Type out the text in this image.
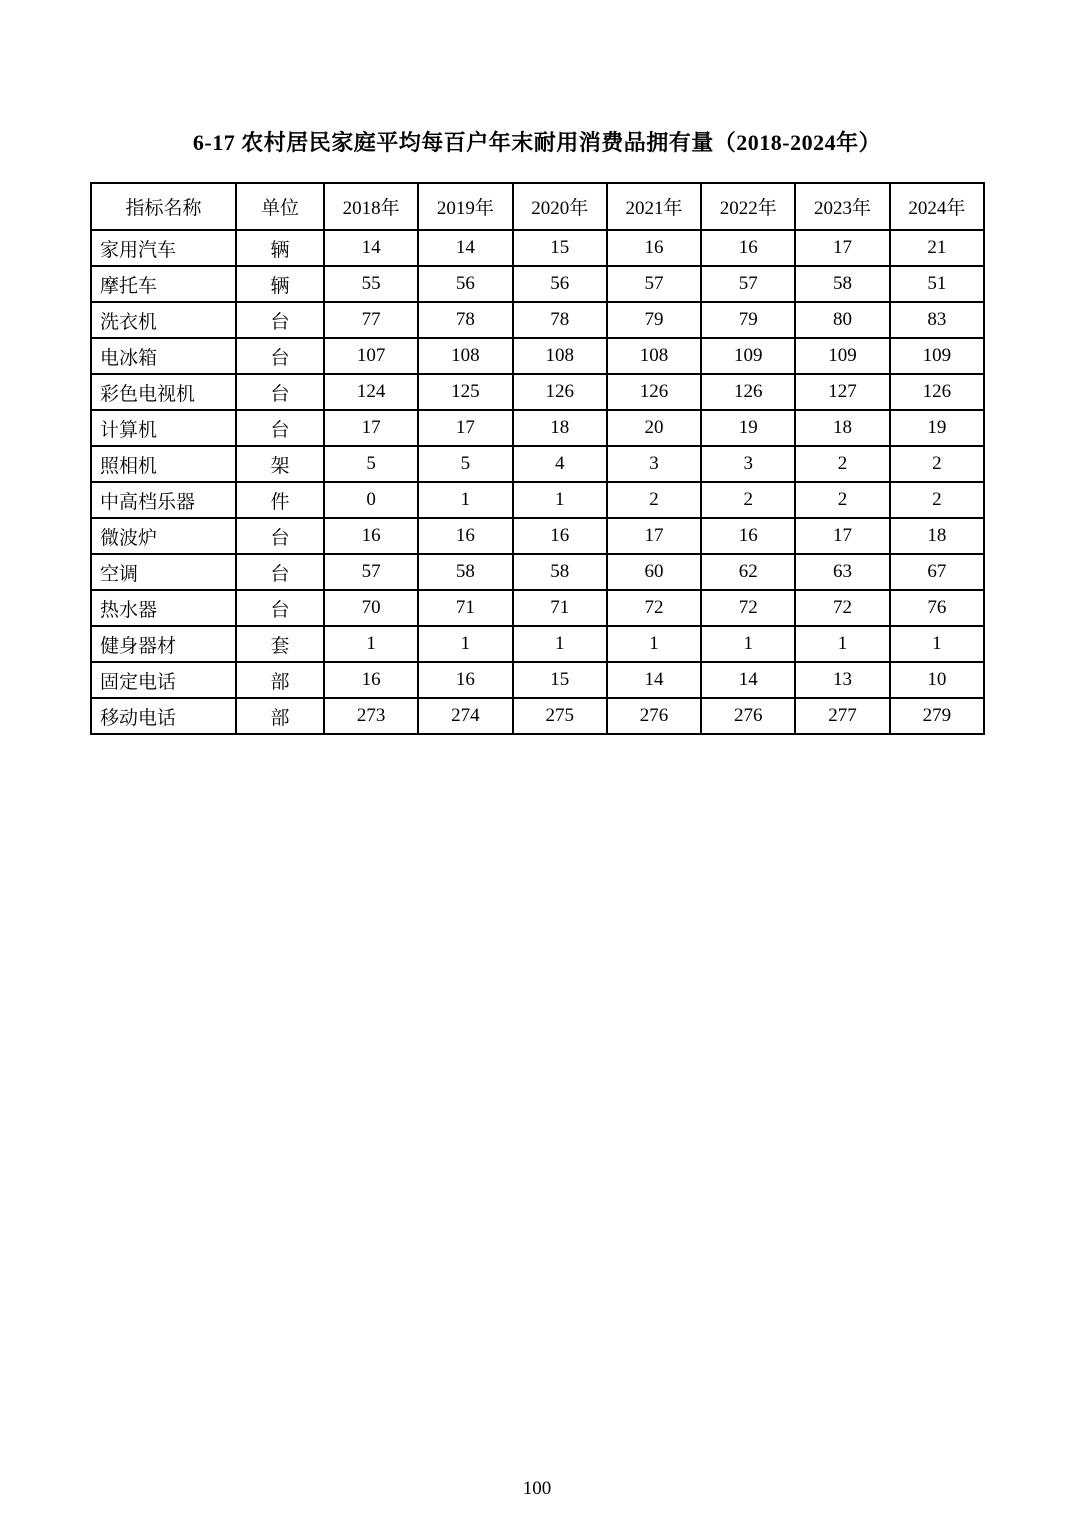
6-17 农村居民家庭平均每百户年末耐用消费品拥有量（2018-2024年）
指标名称	单位	2018年	2019年	2020年	2021年	2022年	2023年	2024年
家用汽车	辆	14	14	15	16	16	17	21
摩托车	辆	55	56	56	57	57	58	51
洗衣机	台	77	78	78	79	79	80	83
电冰箱	台	107	108	108	108	109	109	109
彩色电视机	台	124	125	126	126	126	127	126
计算机	台	17	17	18	20	19	18	19
照相机	架	5	5	4	3	3	2	2
中高档乐器	件	0	1	1	2	2	2	2
微波炉	台	16	16	16	17	16	17	18
空调	台	57	58	58	60	62	63	67
热水器	台	70	71	71	72	72	72	76
健身器材	套	1	1	1	1	1	1	1
固定电话	部	16	16	15	14	14	13	10
移动电话	部	273	274	275	276	276	277	279
100
